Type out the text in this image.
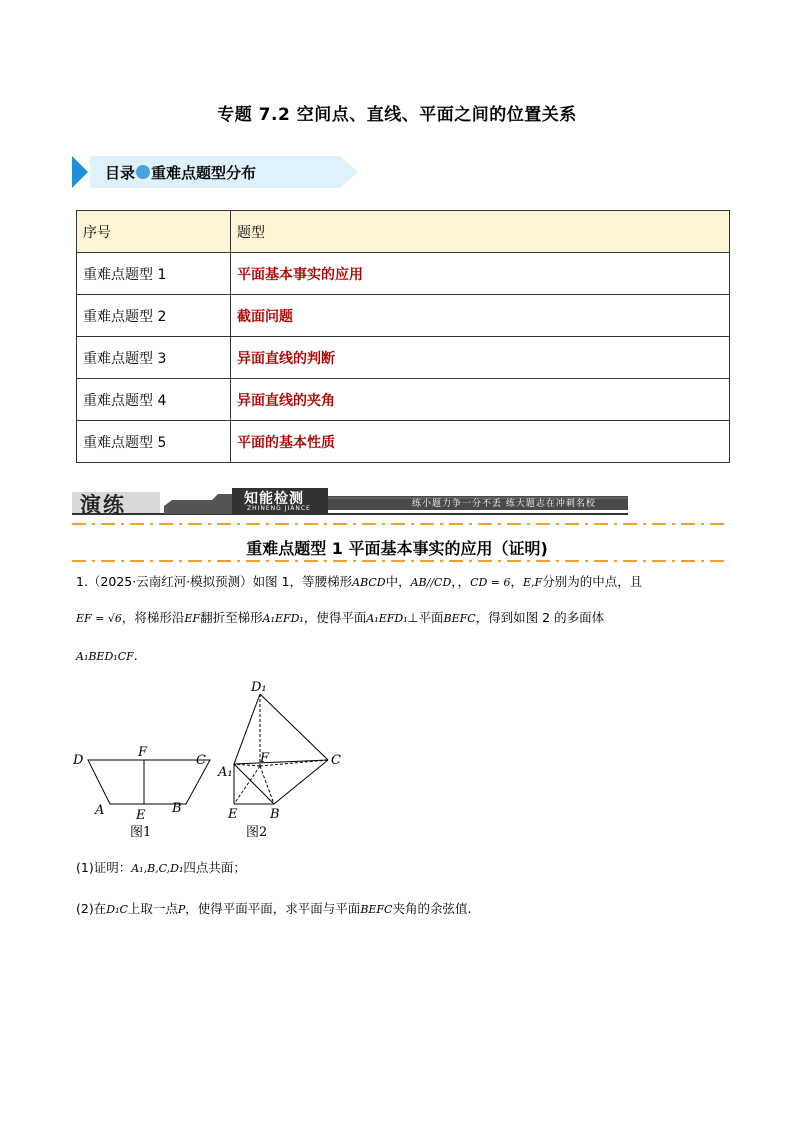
专题 7.2 空间点、直线、平面之间的位置关系
目录 重难点题型分布
序号	题型
重难点题型 1	平面基本事实的应用
重难点题型 2	截面问题
重难点题型 3	异面直线的判断
重难点题型 4	异面直线的夹角
重难点题型 5	平面的基本性质
演练	知能检测
ZHINENG JIANCE	练小题力争一分不丢 练大题志在冲刺名校
重难点题型 1 平面基本事实的应用（证明)
1.（2025·云南红河·模拟预测）如图 1，等腰梯形ABCD中，AB//CD，，CD = 6，E,F分别为的中点，且
EF = √6，将梯形沿EF翻折至梯形A₁EFD₁，使得平面A₁EFD₁⊥平面BEFC，得到如图 2 的多面体
A₁BED₁CF.
D
F
C
A E B
图1
D₁
F	C
A₁
E	B
图2
(1)证明：A₁,B,C,D₁四点共面；
(2)在D₁C上取一点P，使得平面平面，求平面与平面BEFC夹角的余弦值.
